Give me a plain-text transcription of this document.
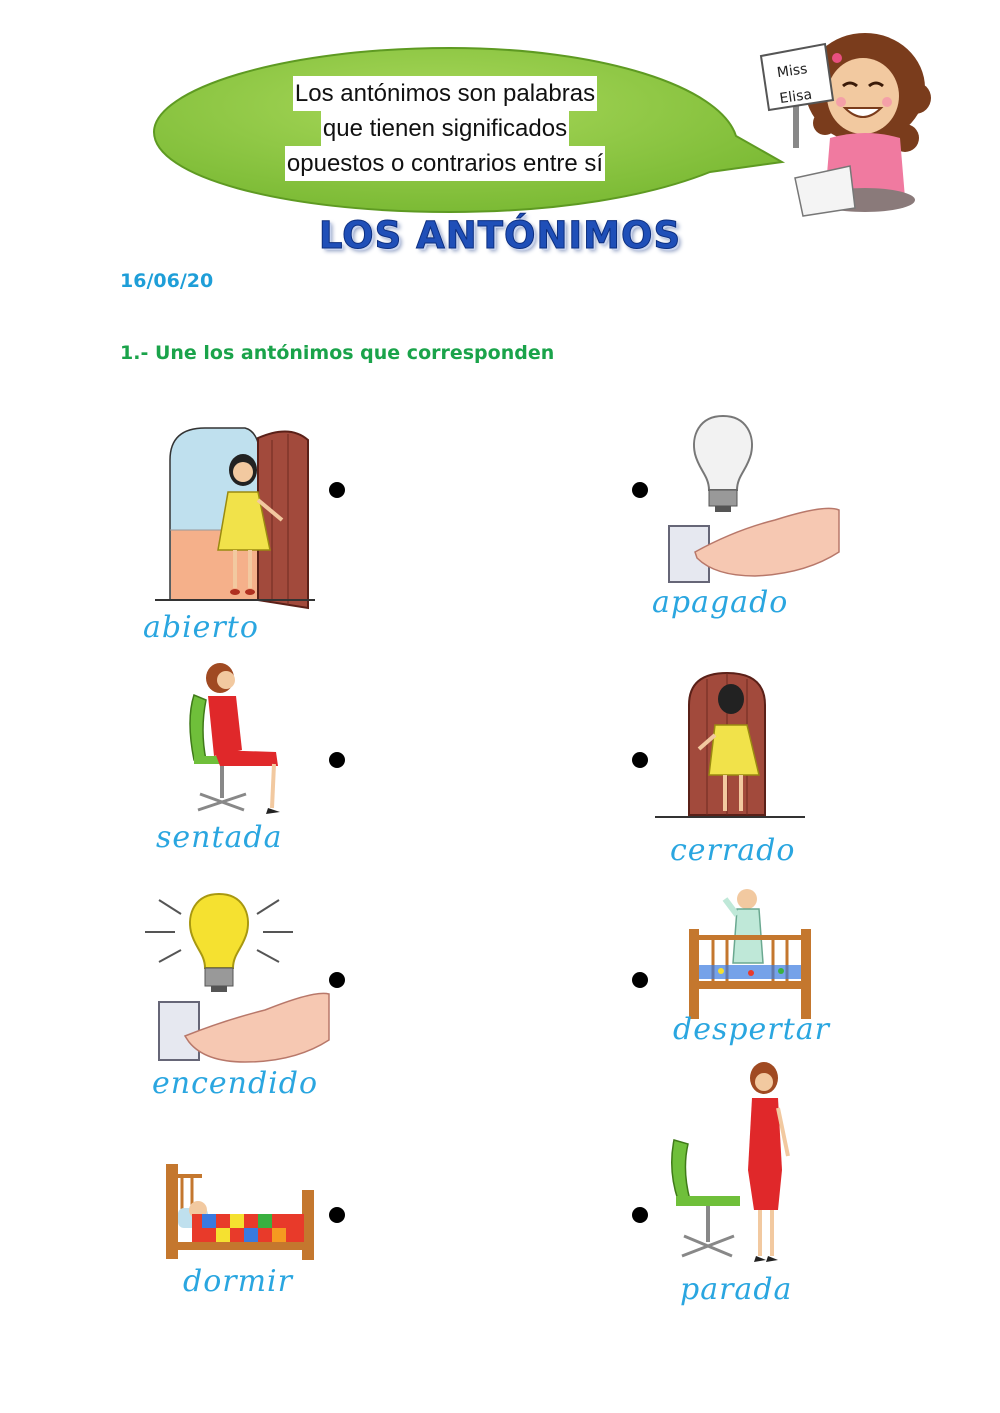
Los antónimos son palabras
que tienen significados
opuestos o contrarios entre sí
Miss
Elisa
LOS ANTÓNIMOS
16/06/20
1.- Une los antónimos que corresponden
abierto
sentada
encendido
dormir
apagado
cerrado
despertar
parada
